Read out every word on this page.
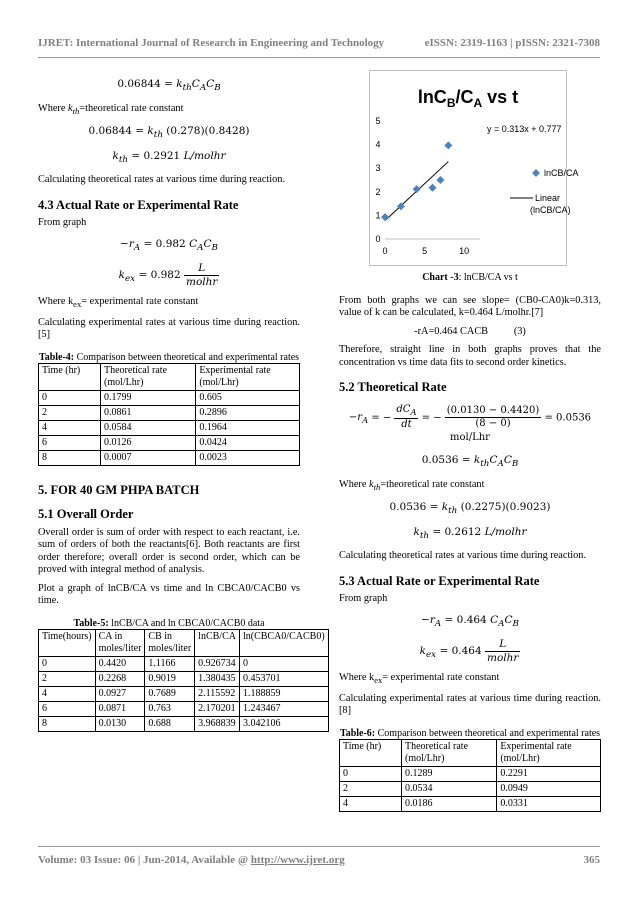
IJRET: International Journal of Research in Engineering and Technology	eISSN: 2319-1163 | pISSN: 2321-7308
$0.06844 = k_{th}C_AC_B$

Where $k_{th}=theoretical$ rate constant

$0.06844 = k_{th}$ (0.278)(0.8428)
$k_{th} = 0.2921$ L/molhr

Calculating theoretical rates at various time during reaction.

4.3 Actual Rate or Experimental Rate

From graph

$-r_A = 0.982$ $C_AC_B$
$k_{ex} = 0.982 \frac{L}{\text{molhr}}$

Where $k_{ex}=$ experimental rate constant

Calculating experimental rates at various time during reaction.[5]

Table-4: Comparison between theoretical and experimental rates
Time (hr)	Theoretical rate (mol/Lhr)	Experimental rate (mol/Lhr)
0	0.1799	0.605
2	0.0861	0.2896
4	0.0584	0.1964
6	0.0126	0.0424
8	0.0007	0.0023
5. FOR 40 GM PHPA BATCH
5.1 Overall Order

Overall order is sum of order with respect to each reactant, i.e. sum of orders of both the reactants[6]. Both reactants are first order therefore; overall order is second order, which can be proved with integral method of analysis.

Plot a graph of lnCB/CA vs time and ln CBCA0/CACB0 vs time.

Table-5: lnCB/CA and ln CBCA0/CACB0 data
Time(hours)	CA in moles/liter	CB in moles/liter	lnCB/CA	ln(CBCA0/CACB0)
0	0.4420	1.1166	0.926734	0
2	0.2268	0.9019	1.380435	0.453701
4	0.0927	0.7689	2.115592	1.188859
6	0.0871	0.763	2.170201	1.243467
8	0.0130	0.688	3.968839	3.042106
$\ln C_B/C_A$ vs t
0
1
2
3
4
5
0	5	10
y = 0.313x + 0.777
lnCB/CA
Linear
(lnCB/CA)
Chart -3: lnCB/CA vs t

From both graphs we can see slope= (CB0-CA0)k=0.313, value of k can be calculated, k=0.464 L/molhr.[7]

-rA=0.464 CACB	(3)

Therefore, straight line in both graphs proves that the concentration vs time data fits to second order kinetics.

5.2 Theoretical Rate
$-r_A$ = − $\frac{dC_A}{dt}$ = − $\frac{(0.0130 - 0.4420)}{(8 - 0)} = 0.0536$ mol/Lhr
$0.0536 = k_{th}C_AC_B$

Where $k_{th}=theoretical$ rate constant

$0.0536 = k_{th}$ (0.2275)(0.9023)
$k_{th} = 0.2612$ L/molhr

Calculating theoretical rates at various time during reaction.

5.3 Actual Rate or Experimental Rate

From graph

$-r_A = 0.464$ $C_AC_B$
$k_{ex} = 0.464 \frac{L}{\text{molhr}}$

Where $k_{ex}=$ experimental rate constant

Calculating experimental rates at various time during reaction.[8]

Table-6: Comparison between theoretical and experimental rates
Time (hr)	Theoretical rate (mol/Lhr)	Experimental rate (mol/Lhr)
0	0.1289	0.2291
2	0.0534	0.0949
4	0.0186	0.0331
Volume: 03 Issue: 06 | Jun-2014, Available @ http://www.ijret.org	365
